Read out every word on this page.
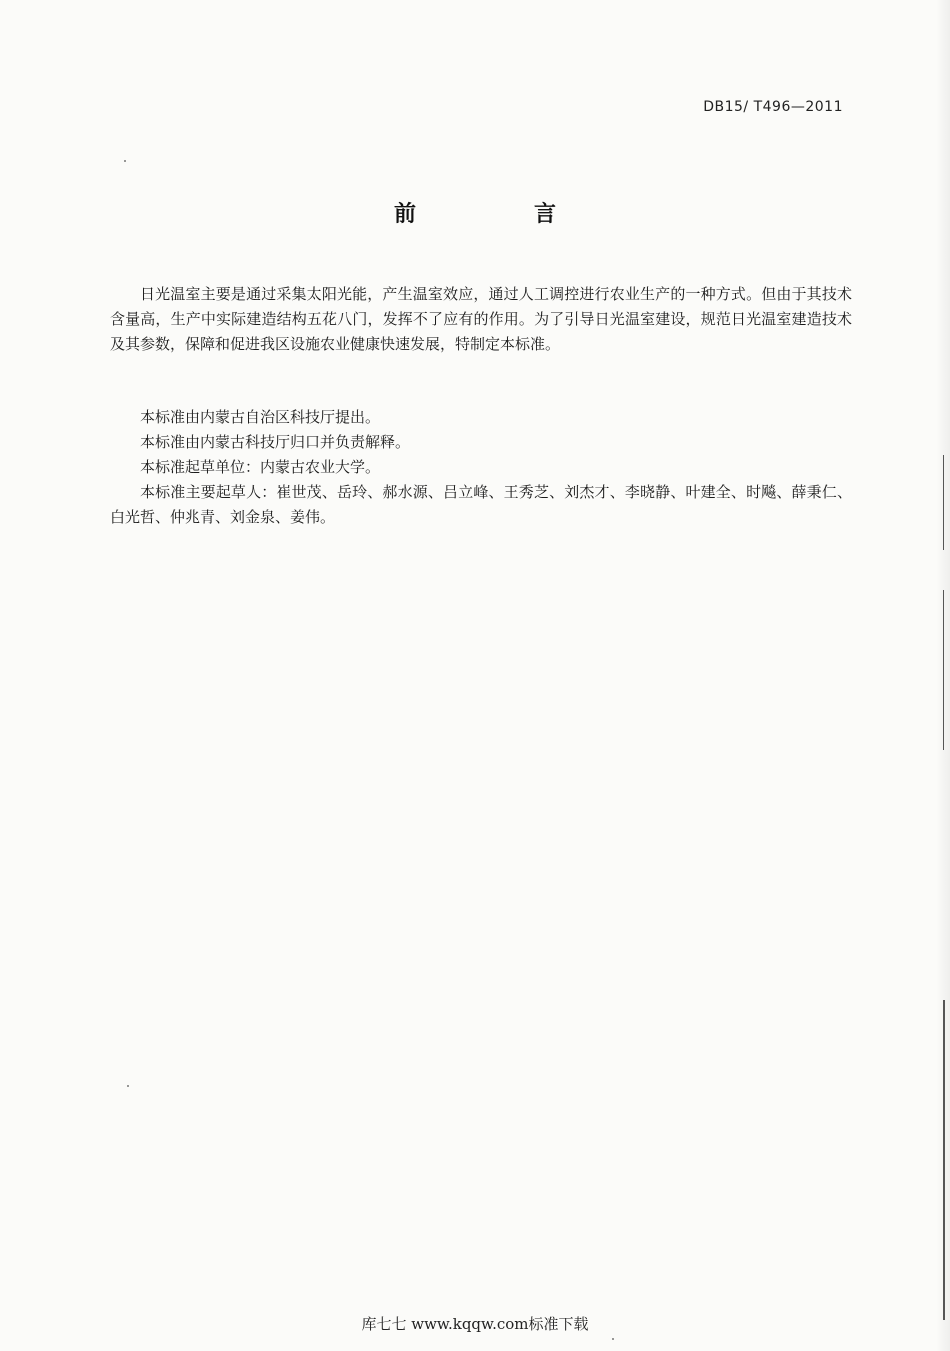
DB15/ T496—2011
前　言

日光温室主要是通过采集太阳光能，产生温室效应，通过人工调控进行农业生产的一种方式。但由于其技术含量高，生产中实际建造结构五花八门，发挥不了应有的作用。为了引导日光温室建设，规范日光温室建造技术及其参数，保障和促进我区设施农业健康快速发展，特制定本标准。

本标准由内蒙古自治区科技厅提出。

本标准由内蒙古科技厅归口并负责解释。

本标准起草单位：内蒙古农业大学。

本标准主要起草人：崔世茂、岳玲、郝水源、吕立峰、王秀芝、刘杰才、李晓静、叶建全、时飚、薛秉仁、白光哲、仲兆青、刘金泉、姜伟。

库七七 www.kqqw.com标准下载
